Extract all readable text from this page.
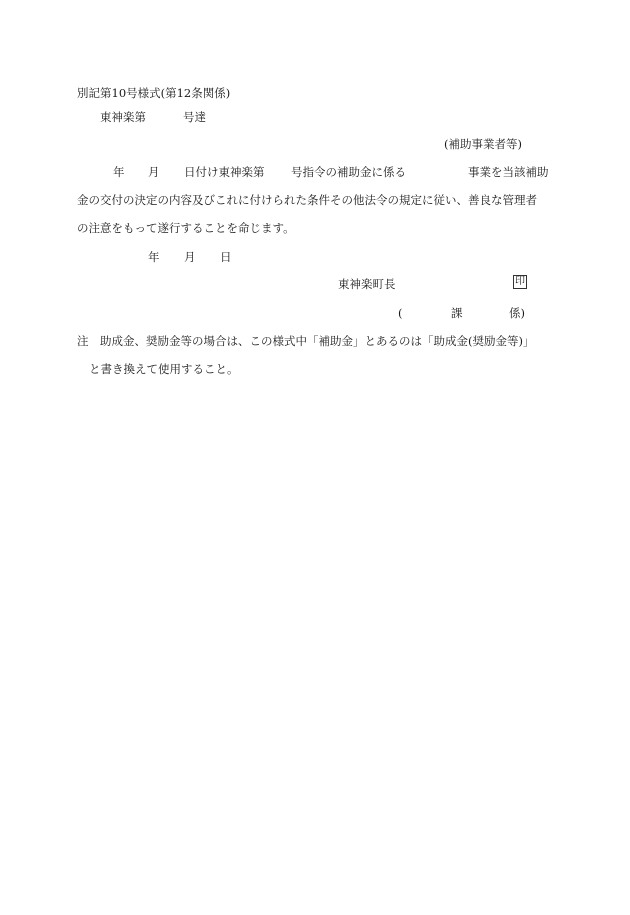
別記第10号様式(第12条関係)
東神楽第	号達
(補助事業者等)
年 月 日付け東神楽第 号指令の補助金に係る	事業を当該補助
金の交付の決定の内容及びこれに付けられた条件その他法令の規定に従い、善良な管理者
の注意をもって遂行することを命じます。
年 月 日
東神楽町長	印
(	課	係)
注　助成金、奨励金等の場合は、この様式中「補助金」とあるのは「助成金(奨励金等)」
と書き換えて使用すること。
